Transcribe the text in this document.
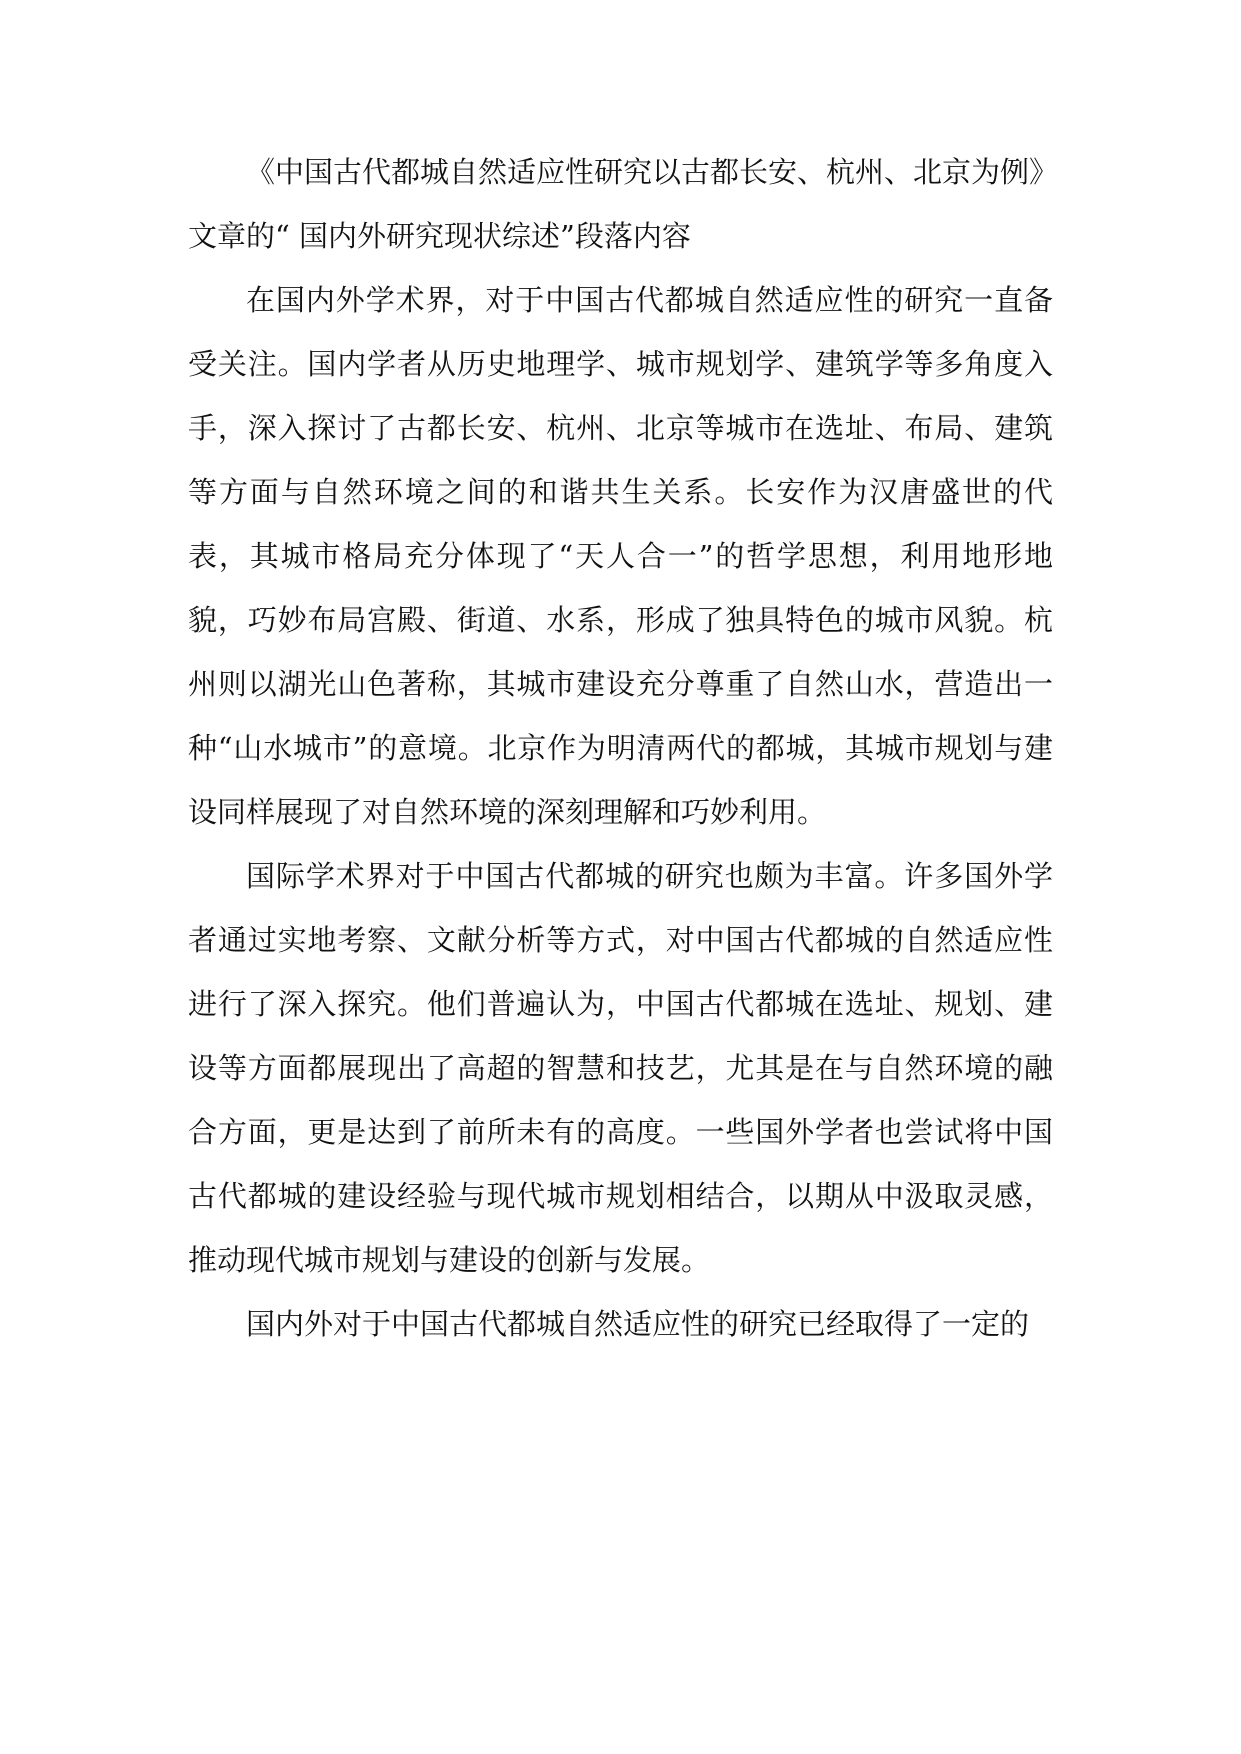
《中国古代都城自然适应性研究以古都长安、杭州、北京为例》
文章的“ 国内外研究现状综述”段落内容

在国内外学术界，对于中国古代都城自然适应性的研究一直备受关注。国内学者从历史地理学、城市规划学、建筑学等多角度入手，深入探讨了古都长安、杭州、北京等城市在选址、布局、建筑等方面与自然环境之间的和谐共生关系。长安作为汉唐盛世的代表，其城市格局充分体现了“天人合一”的哲学思想，利用地形地貌，巧妙布局宫殿、街道、水系，形成了独具特色的城市风貌。杭州则以湖光山色著称，其城市建设充分尊重了自然山水，营造出一种“山水城市”的意境。北京作为明清两代的都城，其城市规划与建设同样展现了对自然环境的深刻理解和巧妙利用。

国际学术界对于中国古代都城的研究也颇为丰富。许多国外学者通过实地考察、文献分析等方式，对中国古代都城的自然适应性进行了深入探究。他们普遍认为，中国古代都城在选址、规划、建设等方面都展现出了高超的智慧和技艺，尤其是在与自然环境的融合方面，更是达到了前所未有的高度。一些国外学者也尝试将中国古代都城的建设经验与现代城市规划相结合，以期从中汲取灵感，推动现代城市规划与建设的创新与发展。

国内外对于中国古代都城自然适应性的研究已经取得了一定的
